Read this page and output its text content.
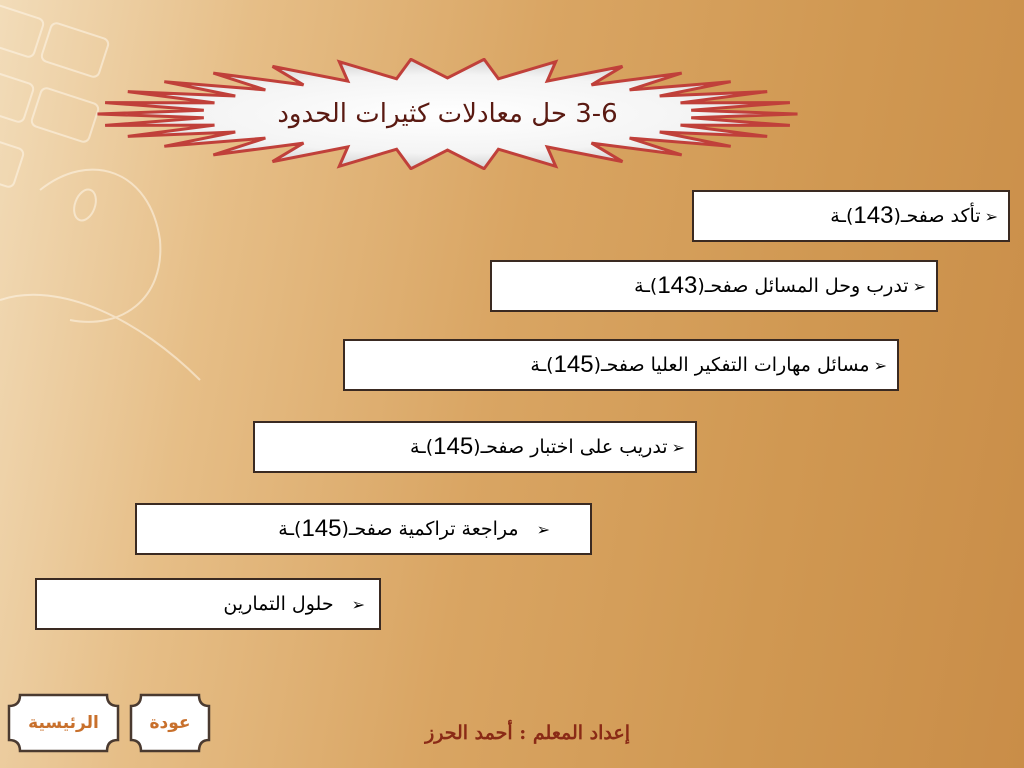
3-6 حل معادلات كثيرات الحدود
➢
تأكد صفحـ(
143
)ـة
➢
تدرب وحل المسائل صفحـ(
143
)ـة
➢
مسائل مهارات التفكير العليا صفحـ(
145
)ـة
➢
تدريب على اختبار صفحـ(
145
)ـة
➢
مراجعة تراكمية صفحـ(
145
)ـة
➢
حلول التمارين
الرئيسية	عودة	إعداد المعلم : أحمد الحرز
